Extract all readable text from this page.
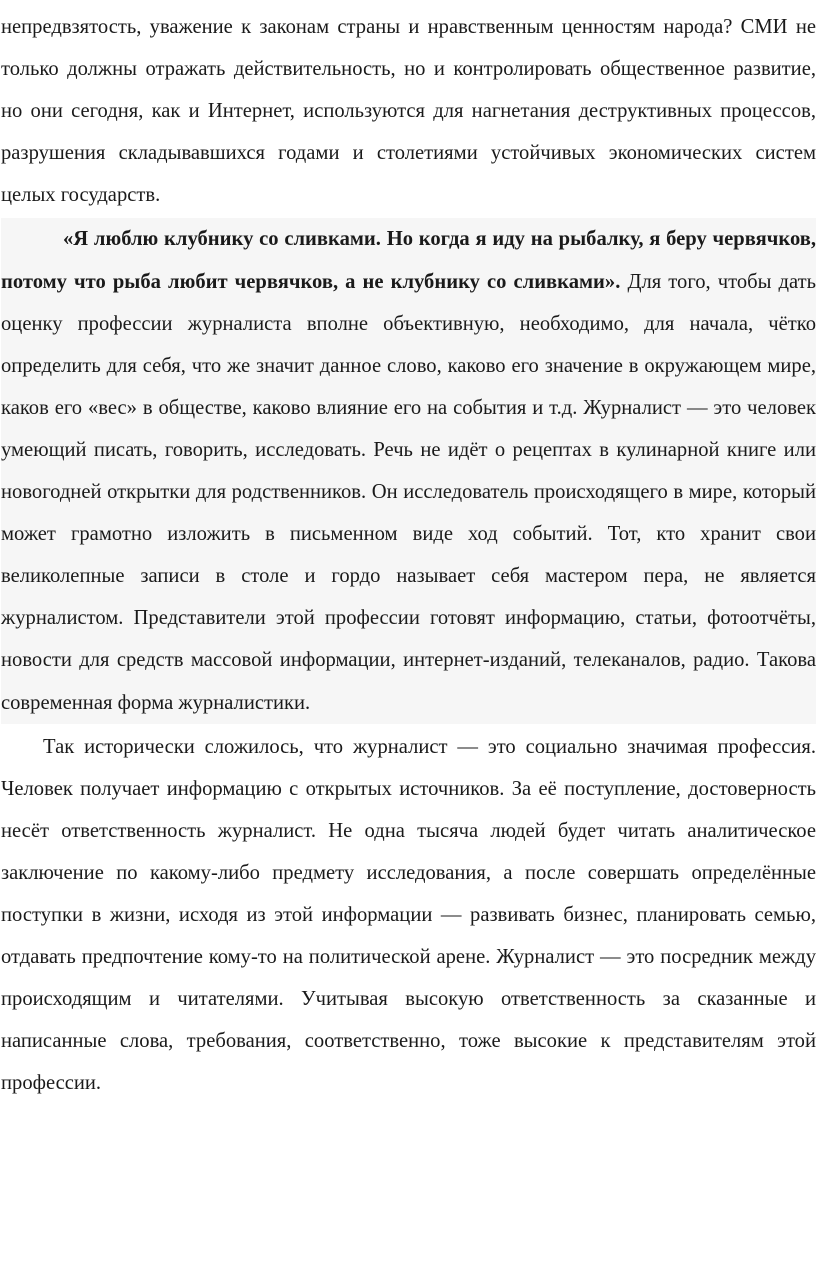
непредвзятость, уважение к законам страны и нравственным ценностям народа? СМИ не только должны отражать действительность, но и контролировать общественное развитие, но они сегодня, как и Интернет, используются для нагнетания деструктивных процессов, разрушения складывавшихся годами и столетиями устойчивых экономических систем целых государств.

«Я люблю клубнику со сливками. Но когда я иду на рыбалку, я беру червячков, потому что рыба любит червячков, а не клубнику со сливками». Для того, чтобы дать оценку профессии журналиста вполне объективную, необходимо, для начала, чётко определить для себя, что же значит данное слово, каково его значение в окружающем мире, каков его «вес» в обществе, каково влияние его на события и т.д. Журналист — это человек умеющий писать, говорить, исследовать. Речь не идёт о рецептах в кулинарной книге или новогодней открытки для родственников. Он исследователь происходящего в мире, который может грамотно изложить в письменном виде ход событий. Тот, кто хранит свои великолепные записи в столе и гордо называет себя мастером пера, не является журналистом. Представители этой профессии готовят информацию, статьи, фотоотчёты, новости для средств массовой информации, интернет-изданий, телеканалов, радио. Такова современная форма журналистики.

Так исторически сложилось, что журналист — это социально значимая профессия. Человек получает информацию с открытых источников. За её поступление, достоверность несёт ответственность журналист. Не одна тысяча людей будет читать аналитическое заключение по какому-либо предмету исследования, а после совершать определённые поступки в жизни, исходя из этой информации — развивать бизнес, планировать семью, отдавать предпочтение кому-то на политической арене. Журналист — это посредник между происходящим и читателями. Учитывая высокую ответственность за сказанные и написанные слова, требования, соответственно, тоже высокие к представителям этой профессии.
